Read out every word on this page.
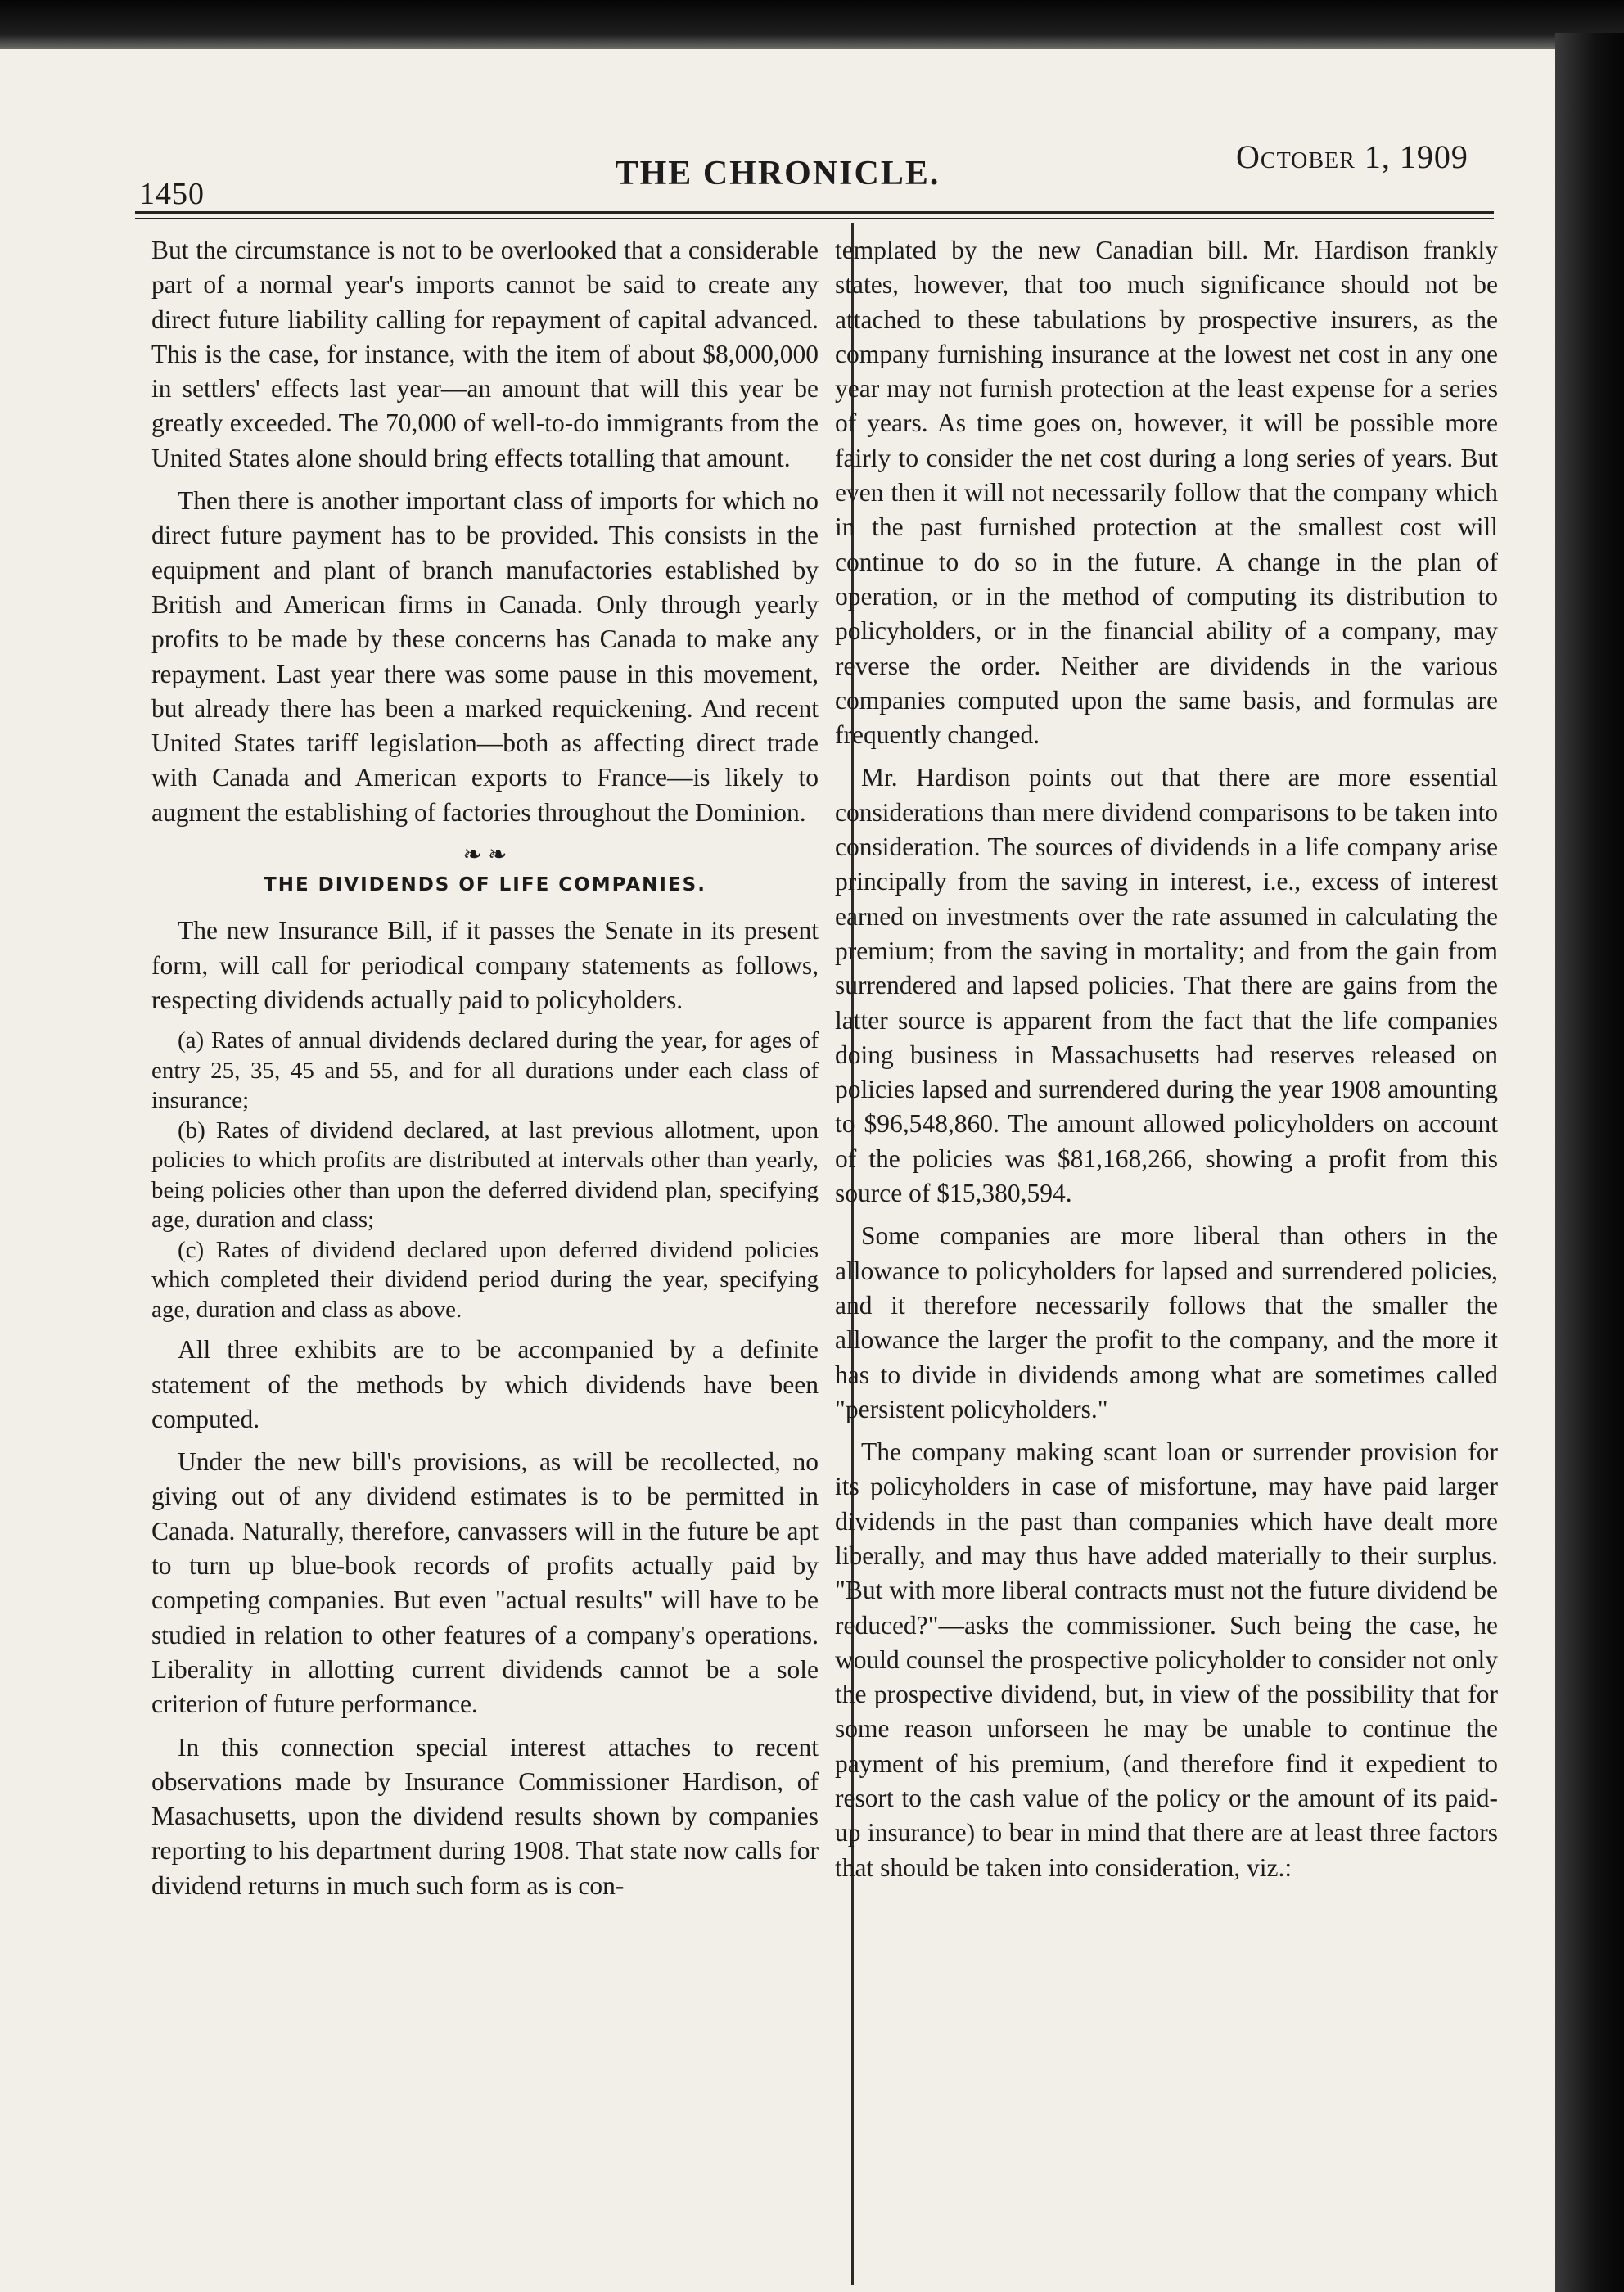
1450
THE CHRONICLE.	October 1, 1909

But the circumstance is not to be overlooked that a considerable part of a normal year's imports cannot be said to create any direct future liability calling for repayment of capital advanced. This is the case, for instance, with the item of about $8,000,000 in settlers' effects last year—an amount that will this year be greatly exceeded. The 70,000 of well-to-do immigrants from the United States alone should bring effects totalling that amount.

Then there is another important class of imports for which no direct future payment has to be provided. This consists in the equipment and plant of branch manufactories established by British and American firms in Canada. Only through yearly profits to be made by these concerns has Canada to make any repayment. Last year there was some pause in this movement, but already there has been a marked requickening. And recent United States tariff legislation—both as affecting direct trade with Canada and American exports to France—is likely to augment the establishing of factories throughout the Dominion.

❧ ❧
THE DIVIDENDS OF LIFE COMPANIES.

The new Insurance Bill, if it passes the Senate in its present form, will call for periodical company statements as follows, respecting dividends actually paid to policyholders.

(a) Rates of annual dividends declared during the year, for ages of entry 25, 35, 45 and 55, and for all durations under each class of insurance;
(b) Rates of dividend declared, at last previous allotment, upon policies to which profits are distributed at intervals other than yearly, being policies other than upon the deferred dividend plan, specifying age, duration and class;
(c) Rates of dividend declared upon deferred dividend policies which completed their dividend period during the year, specifying age, duration and class as above.

All three exhibits are to be accompanied by a definite statement of the methods by which dividends have been computed.

Under the new bill's provisions, as will be recollected, no giving out of any dividend estimates is to be permitted in Canada. Naturally, therefore, canvassers will in the future be apt to turn up blue-book records of profits actually paid by competing companies. But even "actual results" will have to be studied in relation to other features of a company's operations. Liberality in allotting current dividends cannot be a sole criterion of future performance.

In this connection special interest attaches to recent observations made by Insurance Commissioner Hardison, of Masachusetts, upon the dividend results shown by companies reporting to his department during 1908. That state now calls for dividend returns in much such form as is con-

templated by the new Canadian bill. Mr. Hardison frankly states, however, that too much significance should not be attached to these tabulations by prospective insurers, as the company furnishing insurance at the lowest net cost in any one year may not furnish protection at the least expense for a series of years. As time goes on, however, it will be possible more fairly to consider the net cost during a long series of years. But even then it will not necessarily follow that the company which in the past furnished protection at the smallest cost will continue to do so in the future. A change in the plan of operation, or in the method of computing its distribution to policyholders, or in the financial ability of a company, may reverse the order. Neither are dividends in the various companies computed upon the same basis, and formulas are frequently changed.

Mr. Hardison points out that there are more essential considerations than mere dividend comparisons to be taken into consideration. The sources of dividends in a life company arise principally from the saving in interest, i.e., excess of interest earned on investments over the rate assumed in calculating the premium; from the saving in mortality; and from the gain from surrendered and lapsed policies. That there are gains from the latter source is apparent from the fact that the life companies doing business in Massachusetts had reserves released on policies lapsed and surrendered during the year 1908 amounting to $96,548,860. The amount allowed policyholders on account of the policies was $81,168,266, showing a profit from this source of $15,380,594.

Some companies are more liberal than others in the allowance to policyholders for lapsed and surrendered policies, and it therefore necessarily follows that the smaller the allowance the larger the profit to the company, and the more it has to divide in dividends among what are sometimes called "persistent policyholders."

The company making scant loan or surrender provision for its policyholders in case of misfortune, may have paid larger dividends in the past than companies which have dealt more liberally, and may thus have added materially to their surplus. "But with more liberal contracts must not the future dividend be reduced?"—asks the commissioner. Such being the case, he would counsel the prospective policyholder to consider not only the prospective dividend, but, in view of the possibility that for some reason unforseen he may be unable to continue the payment of his premium, (and therefore find it expedient to resort to the cash value of the policy or the amount of its paid-up insurance) to bear in mind that there are at least three factors that should be taken into consideration, viz.:
